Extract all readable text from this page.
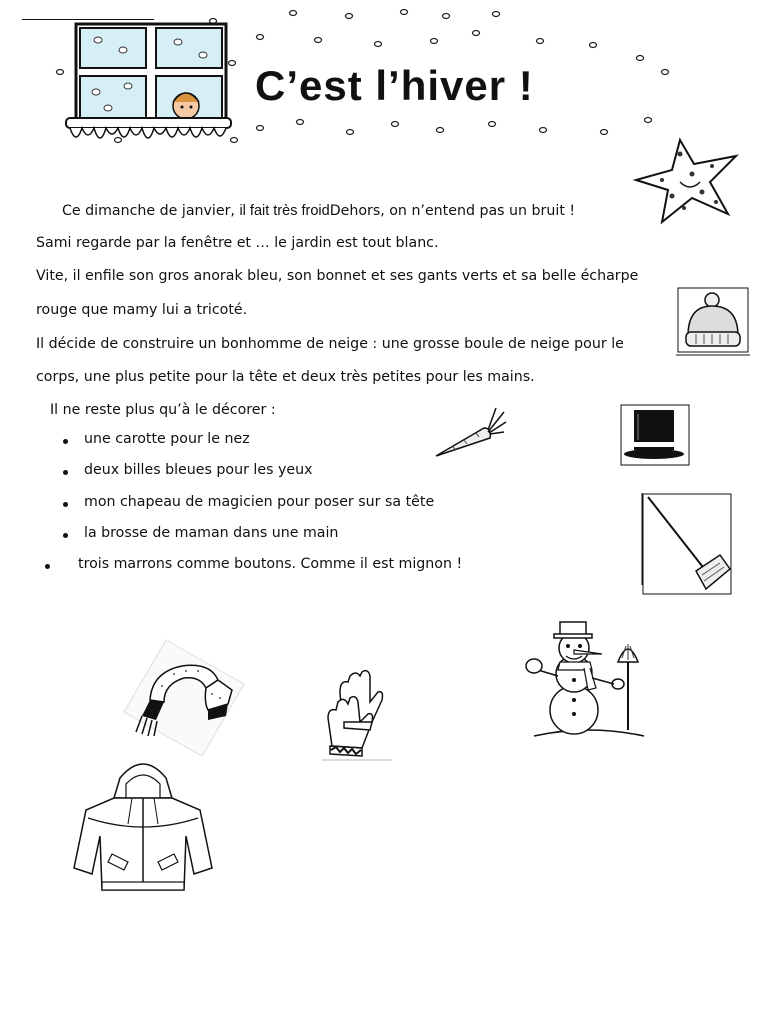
C’est l’hiver !
Ce dimanche de janvier, il fait très froidDehors, on n’entend pas un bruit !
Sami regarde par la fenêtre et … le jardin est tout blanc.
Vite, il enfile son gros anorak bleu, son bonnet et ses gants verts et sa belle écharpe
rouge que mamy lui a tricoté.
Il décide de construire un bonhomme de neige : une grosse boule de neige pour le
corps, une plus petite pour la tête et deux très petites pour les mains.
Il ne reste plus qu’à le décorer :
une carotte pour le nez
deux billes bleues pour les yeux
mon chapeau de magicien pour poser sur sa tête
la brosse de maman dans une main
trois marrons comme boutons. Comme il est mignon !
